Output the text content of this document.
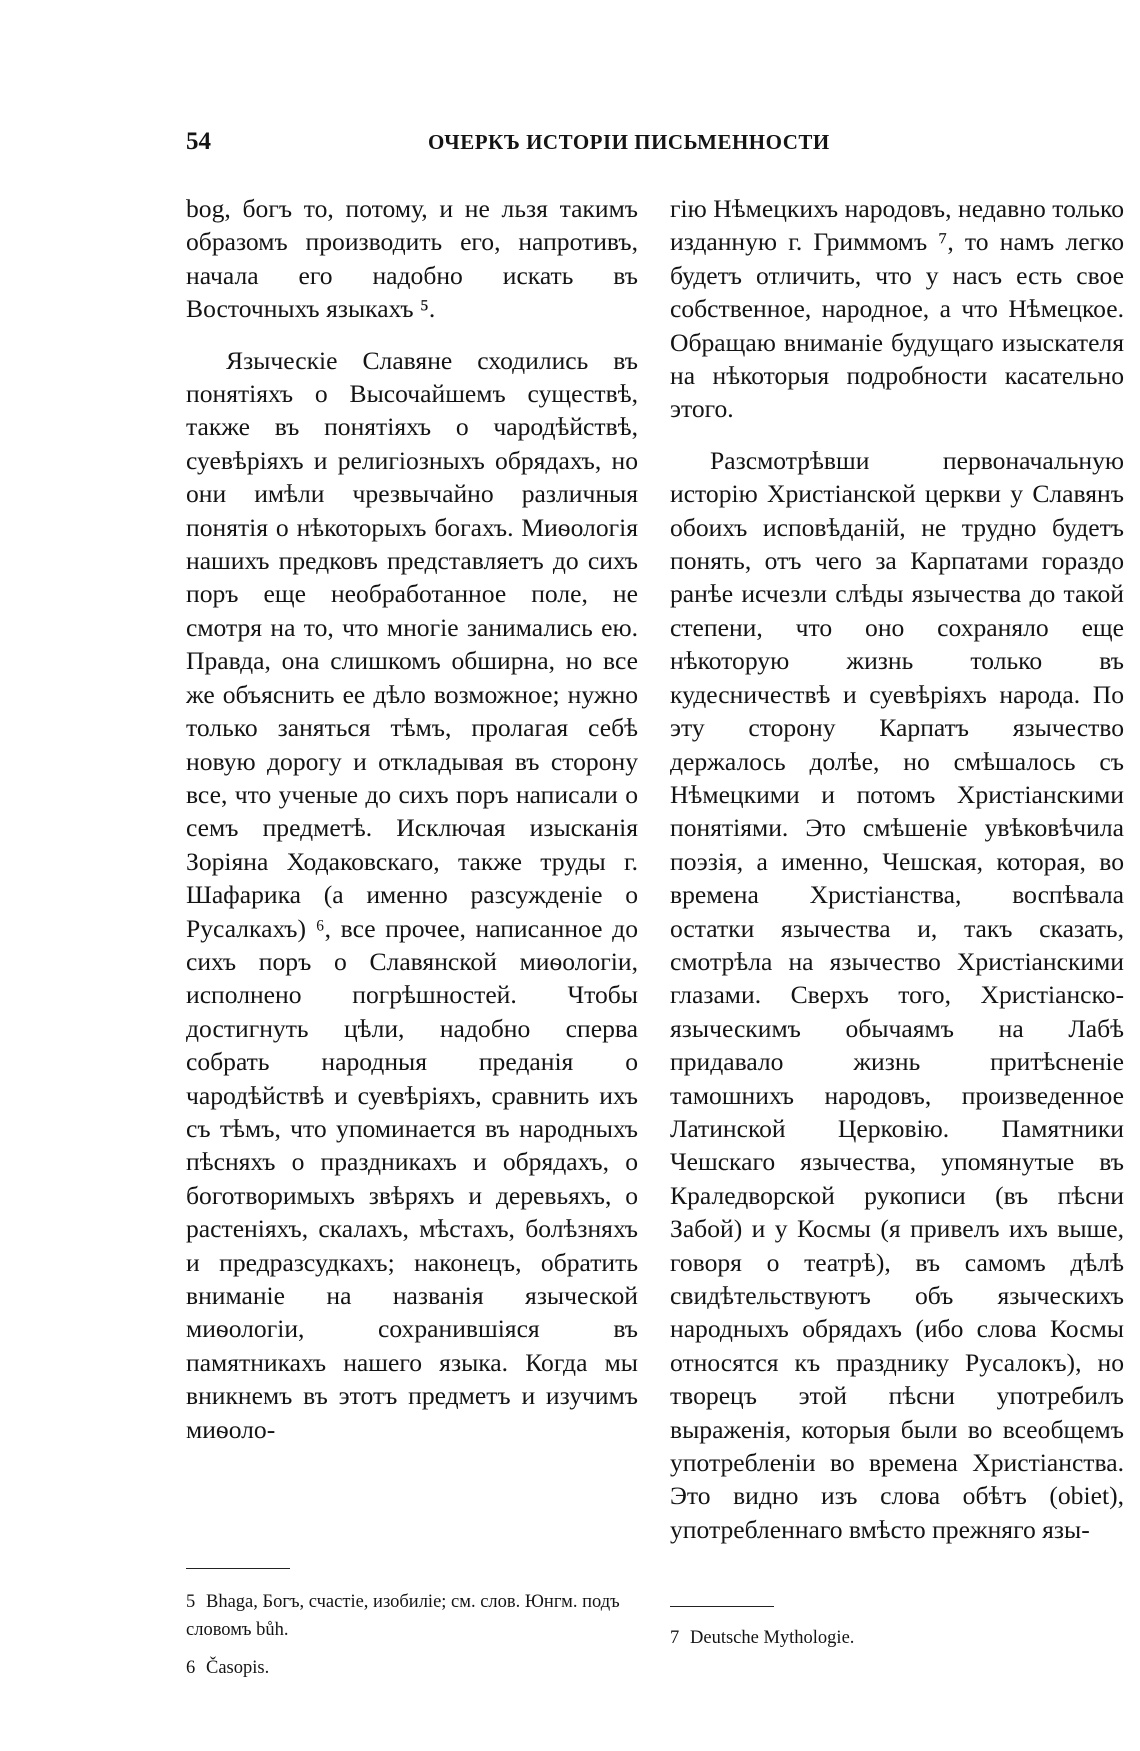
54	ОЧЕРКЪ ИСТОРІИ ПИСЬМЕННОСТИ

bog, богъ то, потому, и не льзя такимъ образомъ производить его, напротивъ, начала его надобно искать въ Восточныхъ языкахъ ⁵.

Языческіе Славяне сходились въ понятіяхъ о Высочайшемъ существѣ, также въ понятіяхъ о чародѣйствѣ, суевѣріяхъ и религіозныхъ обрядахъ, но они имѣли чрезвычайно различныя понятія о нѣкоторыхъ богахъ. Миѳологія нашихъ предковъ представляетъ до сихъ поръ еще необработанное поле, не смотря на то, что многіе занимались ею. Правда, она слишкомъ обширна, но все же объяснить ее дѣло возможное; нужно только заняться тѣмъ, пролагая себѣ новую дорогу и откладывая въ сторону все, что ученые до сихъ поръ написали о семъ предметѣ. Исключая изысканія Зоріяна Ходаковскаго, также труды г. Шафарика (а именно разсужденіе о Русалкахъ) ⁶, все прочее, написанное до сихъ поръ о Славянской миѳологіи, исполнено погрѣшностей. Чтобы достигнуть цѣли, надобно сперва собрать народныя преданія о чародѣйствѣ и суевѣріяхъ, сравнить ихъ съ тѣмъ, что упоминается въ народныхъ пѣсняхъ о праздникахъ и обрядахъ, о боготворимыхъ звѣряхъ и деревьяхъ, о растеніяхъ, скалахъ, мѣстахъ, болѣзняхъ и предразсудкахъ; наконецъ, обратить вниманіе на названія языческой миѳологіи, сохранившіяся въ памятникахъ нашего языка. Когда мы вникнемъ въ этотъ предметъ и изучимъ миѳоло-

гію Нѣмецкихъ народовъ, недавно только изданную г. Гриммомъ ⁷, то намъ легко будетъ отличить, что у насъ есть свое собственное, народное, а что Нѣмецкое. Обращаю вниманіе будущаго изыскателя на нѣкоторыя подробности касательно этого.

Разсмотрѣвши первоначальную исторію Христіанской церкви у Славянъ обоихъ исповѣданій, не трудно будетъ понять, отъ чего за Карпатами гораздо ранѣе исчезли слѣды язычества до такой степени, что оно сохраняло еще нѣкоторую жизнь только въ кудесничествѣ и суевѣріяхъ народа. По эту сторону Карпатъ язычество держалось долѣе, но смѣшалось съ Нѣмецкими и потомъ Христіанскими понятіями. Это смѣшеніе увѣковѣчила поэзія, а именно, Чешская, которая, во времена Христіанства, воспѣвала остатки язычества и, такъ сказать, смотрѣла на язычество Христіанскими глазами. Сверхъ того, Христіанско-языческимъ обычаямъ на Лабѣ придавало жизнь притѣсненіе тамошнихъ народовъ, произведенное Латинской Церковію. Памятники Чешскаго язычества, упомянутые въ Краледворской рукописи (въ пѣсни Забой) и у Космы (я привелъ ихъ выше, говоря о театрѣ), въ самомъ дѣлѣ свидѣтельствуютъ объ языческихъ народныхъ обрядахъ (ибо слова Космы относятся къ празднику Русалокъ), но творецъ этой пѣсни употребилъ выраженія, которыя были во всеобщемъ употребленіи во времена Христіанства. Это видно изъ слова обѣтъ (obiet), употребленнаго вмѣсто прежняго язы-

5 Bhaga, Богъ, счастіе, изобиліе; см. слов. Юнгм. подъ словомъ bůh.

6 Časopis.

7 Deutsche Mythologie.
